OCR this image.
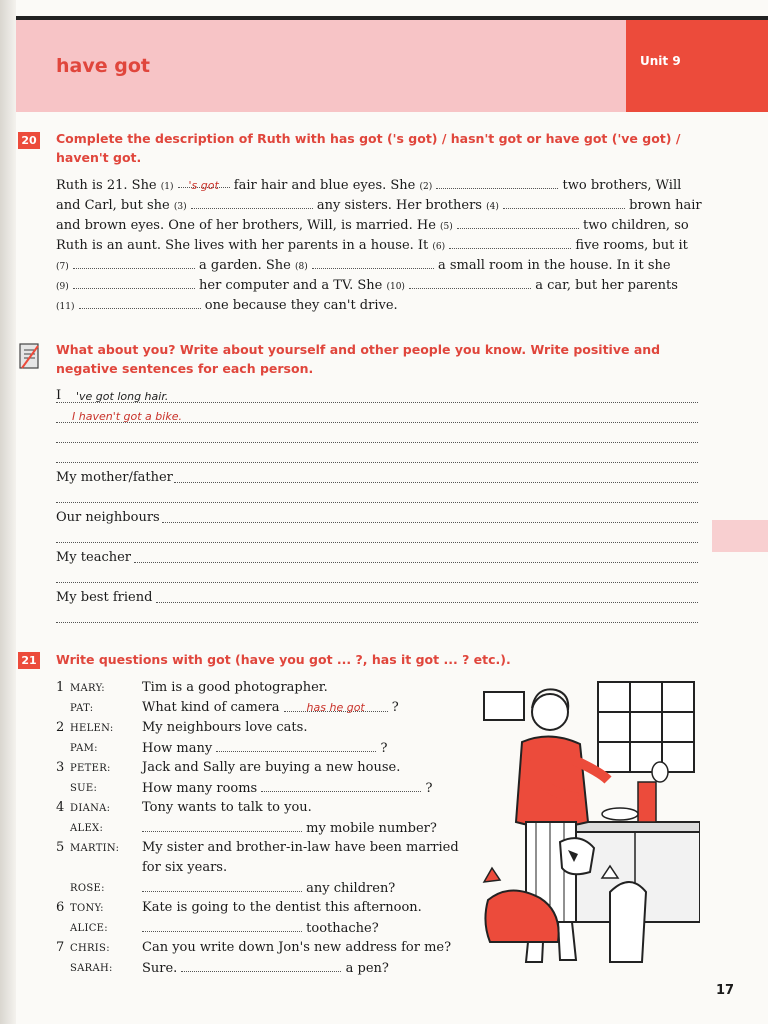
have got	Unit 9
20 Complete the description of Ruth with has got ('s got) / hasn't got or have got ('ve got) /
haven't got.
Ruth is 21. She (1) 's got fair hair and blue eyes. She (2)	two brothers, Will
and Carl, but she (3)	any sisters. Her brothers (4)	brown hair
and brown eyes. One of her brothers, Will, is married. He (5)	two children, so
Ruth is an aunt. She lives with her parents in a house. It (6)	five rooms, but it
(7)	a garden. She (8)	a small room in the house. In it she
(9)	her computer and a TV. She (10)	a car, but her parents
(11)	one because they can't drive.
What about you? Write about yourself and other people you know. Write positive and
negative sentences for each person.
I 've got long hair.
I haven't got a bike.
My mother/father
Our neighbours
My teacher
My best friend
21 Write questions with got (have you got ... ?, has it got ... ? etc.).
1 MARY:	Tim is a good photographer.
PAT:	What kind of camera has he got ?
2 HELEN: My neighbours love cats.
PAM:	How many	?
3 PETER: Jack and Sally are buying a new house.
SUE:	How many rooms	?
4 DIANA: Tony wants to talk to you.
ALEX:	my mobile number?
5 MARTIN: My sister and brother-in-law have been married
for six years.
ROSE:	any children?
6 TONY:	Kate is going to the dentist this afternoon.
ALICE:	toothache?
7 CHRIS: Can you write down Jon's new address for me?
SARAH: Sure.	a pen?
17
